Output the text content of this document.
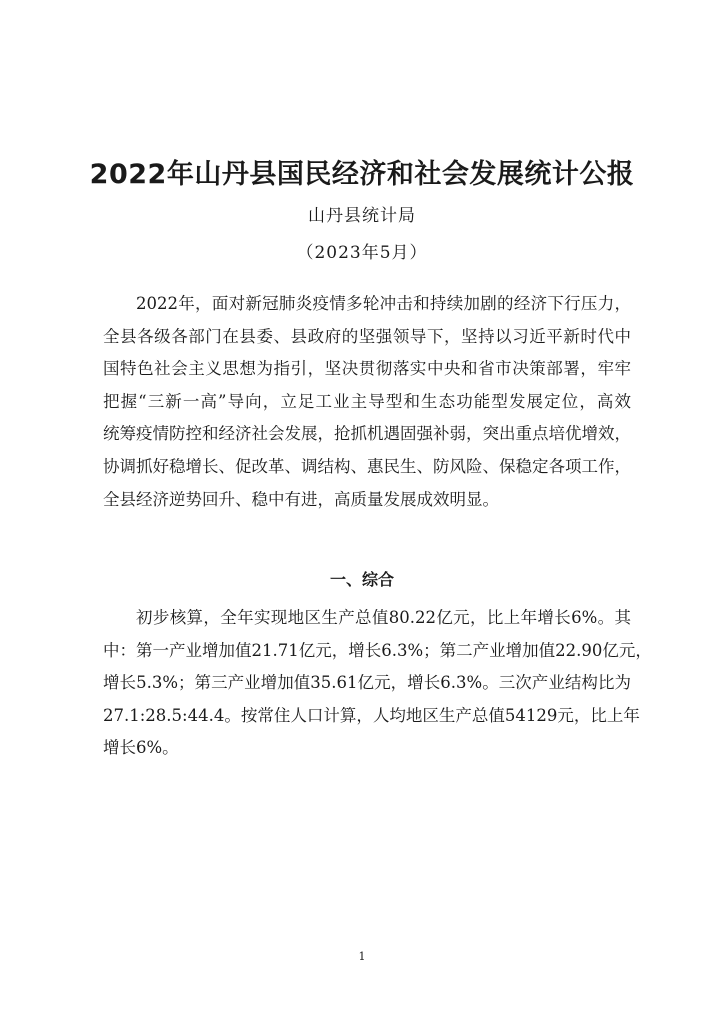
2022年山丹县国民经济和社会发展统计公报
山丹县统计局
（2023年5月）
2022年，面对新冠肺炎疫情多轮冲击和持续加剧的经济下行压力，
全县各级各部门在县委、县政府的坚强领导下，坚持以习近平新时代中
国特色社会主义思想为指引，坚决贯彻落实中央和省市决策部署，牢牢
把握“三新一高”导向，立足工业主导型和生态功能型发展定位，高效
统筹疫情防控和经济社会发展，抢抓机遇固强补弱，突出重点培优增效，
协调抓好稳增长、促改革、调结构、惠民生、防风险、保稳定各项工作，
全县经济逆势回升、稳中有进，高质量发展成效明显。
一、综合
初步核算，全年实现地区生产总值80.22亿元，比上年增长6%。其
中：第一产业增加值21.71亿元，增长6.3%；第二产业增加值22.90亿元，
增长5.3%；第三产业增加值35.61亿元，增长6.3%。三次产业结构比为
27.1:28.5:44.4。按常住人口计算，人均地区生产总值54129元，比上年
增长6%。
1
